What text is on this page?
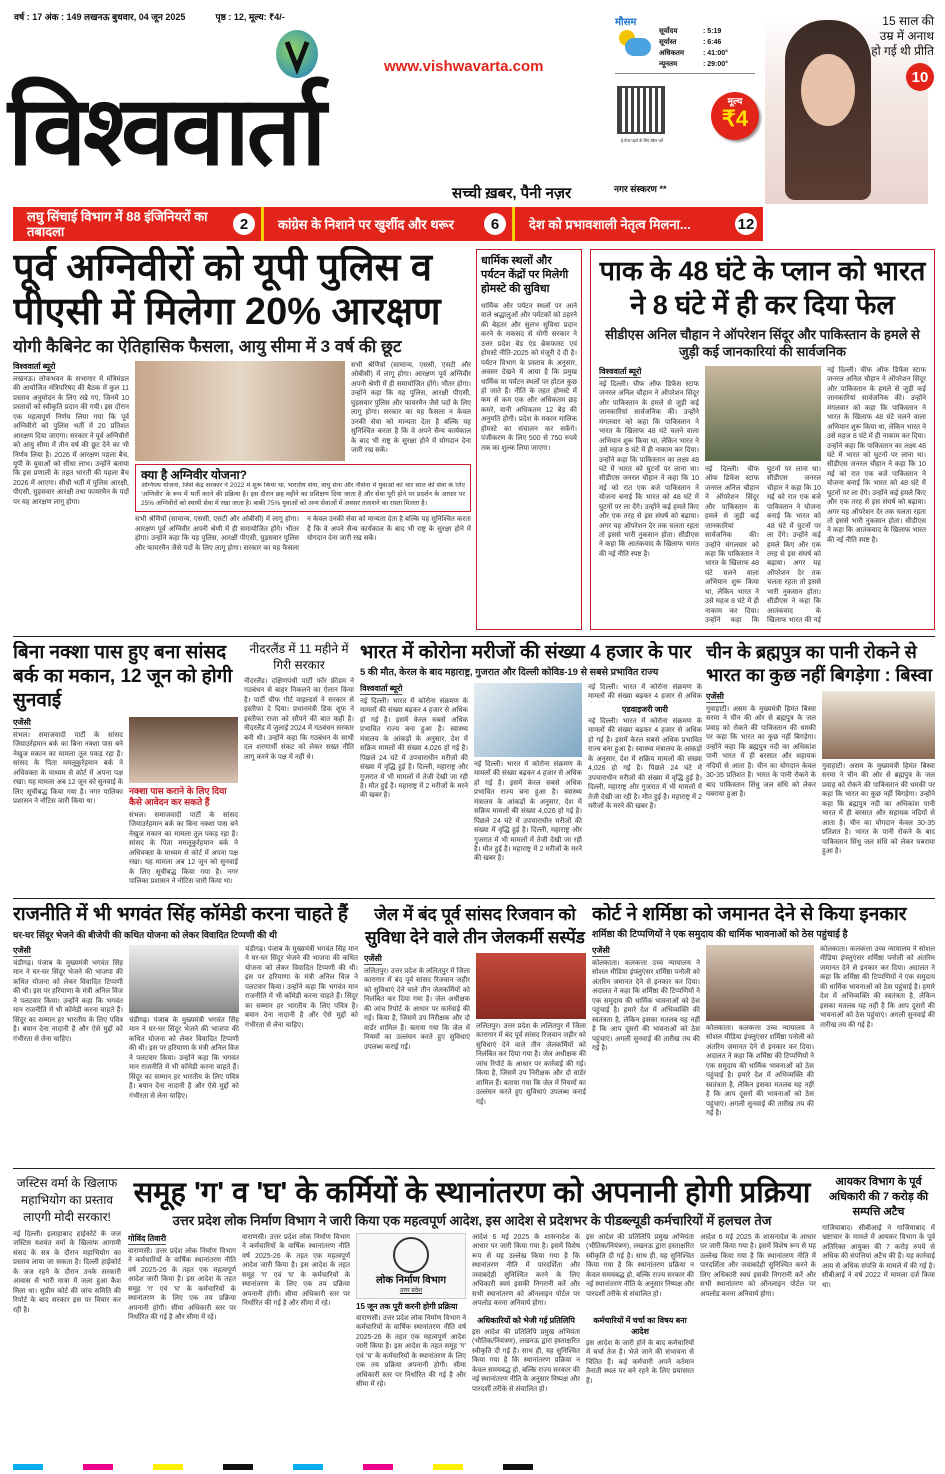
वर्ष : 17 अंक : 149 लखनऊ बुधवार, 04 जून 2025	पृष्ठ : 12, मूल्य: ₹4/-
www.vishwavarta.com
विश्ववार्ता
सच्ची ख़बर, पैनी नज़र
मौसम
सूर्योदय	: 5:19
सूर्यास्त	: 6:46
अधिकतम	: 41:00°
न्यूनतम	: 29:00°
ई-पेपर पढ़ने के लिए स्कैन करें
मूल्य
₹4
नगर संस्करण **
15 साल की उम्र में अनाथ हो गई थी प्रीति
10
लघु सिंचाई विभाग में 88 इंजिनियरों का तबादला	2	कांग्रेस के निशाने पर खुर्शीद और थरूर	6	देश को प्रभावशाली नेतृत्व मिलना...	12
पूर्व अग्निवीरों को यूपी पुलिस व पीएसी में मिलेगा 20% आरक्षण
योगी कैबिनेट का ऐतिहासिक फैसला, आयु सीमा में 3 वर्ष की छूट
विश्ववार्ता ब्यूरो
लखनऊ। लोकभवन के सभागार में मंत्रिमंडल की आयोजित मंत्रिपरिषद की बैठक में कुल 11 प्रस्ताव अनुमोदन के लिए रखे गए, जिनमें 10 प्रस्तावों को स्वीकृति प्रदान की गयी। इस दौरान एक महत्वपूर्ण निर्णय लिया गया कि पूर्व अग्निवीरों को पुलिस भर्ती में 20 प्रतिशत आरक्षण दिया जाएगा। सरकार ने पूर्व अग्निवीरों को आयु सीमा में तीन वर्ष की छूट देने का भी निर्णय लिया है। 2026 में आरक्षण पहला बैच, यूपी के युवाओं को सीधा लाभ। उन्होंने बताया कि इस प्रणाली के तहत भारती की पहला बैच 2026 में आएगा। सीधी भर्ती में पुलिस आरक्षी, पीएसी, घुड़सवार आरक्षी तथा फायरमैन के पदों पर यह आरक्षण लागू होगा।
सभी श्रेणियों (सामान्य, एससी, एसटी और ओबीसी) में लागू होगा। आरक्षण पूर्व अग्निवीर अपनी श्रेणी में ही समायोजित होंगे। भीतर होगा। उन्होंने कहा कि यह पुलिस, आरक्षी पीएसी, घुड़सवार पुलिस और फायरमैन जैसे पदों के लिए लागू होगा। सरकार का यह फैसला न केवल उनकी सेवा को मान्यता देता है बल्कि यह सुनिश्चित करता है कि वे अपने सैन्य कार्यकाल के बाद भी राष्ट्र के सुरक्षा होने में योगदान देना जारी रख सकें।
क्या है अग्निवीर योजना?
अग्निपथ योजना, जिसे केंद्र सरकार ने 2022 में शुरू किया था, भारतीय सेना, वायु सेना और नौसेना में युवाओं को चार साल की सेवा के लिए 'अग्निवीर' के रूप में भर्ती करने की प्रक्रिया है। इस दौरान छह महीने का प्रशिक्षण दिया जाता है और सेवा पूरी होने पर प्रदर्शन के आधार पर 25% अग्निवीरों को स्थायी सेवा में रखा जाता है। बाकी 75% युवाओं को अन्य सेवाओं में अवसर तलाशने का रास्ता मिलता है।
सभी श्रेणियों (सामान्य, एससी, एसटी और ओबीसी) में लागू होगा। आरक्षण पूर्व अग्निवीर अपनी श्रेणी में ही समायोजित होंगे। भीतर होगा। उन्होंने कहा कि यह पुलिस, आरक्षी पीएसी, घुड़सवार पुलिस और फायरमैन जैसे पदों के लिए लागू होगा। सरकार का यह फैसला न केवल उनकी सेवा को मान्यता देता है बल्कि यह सुनिश्चित करता है कि वे अपने सैन्य कार्यकाल के बाद भी राष्ट्र के सुरक्षा होने में योगदान देना जारी रख सकें।
धार्मिक स्थलों और पर्यटन केंद्रों पर मिलेगी होमस्टे की सुविधा
धार्मिक और पर्यटन स्थलों पर आने वाले श्रद्धालुओं और पर्यटकों को ठहरने की बेहतर और सुलभ सुविधा प्रदान करने के मकसद से योगी सरकार ने उत्तर प्रदेश बेड एंड ब्रेकफास्ट एवं होमस्टे नीति-2025 को मंजूरी दे दी है। पर्यटन विभाग के प्रस्ताव के अनुसार, अवसर देखने में आया है कि प्रमुख धार्मिक या पर्यटन स्थलों पर होटल कुछ हो जाते हैं। नीति के तहत होमस्टे में कम से कम एक और अधिकतम छह कमरे, यानी अधिकतम 12 बेड की अनुमति होगी। प्रदेश के मकान मालिक होमस्टे का संचालन कर सकेंगे। पंजीकरण के लिए 500 से 750 रुपये तक का शुल्क लिया जाएगा।
पाक के 48 घंटे के प्लान को भारत ने 8 घंटे में ही कर दिया फेल
सीडीएस अनिल चौहान ने ऑपरेशन सिंदूर और पाकिस्तान के हमले से जुड़ी कई जानकारियां की सार्वजनिक
विश्ववार्ता ब्यूरो
नई दिल्ली। चीफ ऑफ डिफेंस स्टाफ जनरल अनिल चौहान ने ऑपरेशन सिंदूर और पाकिस्तान के हमले से जुड़ी कई जानकारियां सार्वजनिक की। उन्होंने मंगलवार को कहा कि पाकिस्तान ने भारत के खिलाफ 48 घंटे चलने वाला अभियान शुरू किया था, लेकिन भारत ने उसे महज 8 घंटे में ही नाकाम कर दिया। उन्होंने कहा कि पाकिस्तान का लक्ष्य 48 घंटे में भारत को घुटनों पर लाना था। सीडीएस जनरल चौहान ने कहा कि 10 मई को रात एक बजे पाकिस्तान ने योजना बनाई कि भारत को 48 घंटे में घुटनों पर ला देंगे। उन्होंने कई हमले किए और एक तरह से इस संघर्ष को बढ़ाया। अगर यह ऑपरेशन देर तक चलता रहता तो इससे भारी नुकसान होता। सीडीएस ने कहा कि आतंकवाद के खिलाफ भारत की नई नीति स्पष्ट है।
नई दिल्ली। चीफ ऑफ डिफेंस स्टाफ जनरल अनिल चौहान ने ऑपरेशन सिंदूर और पाकिस्तान के हमले से जुड़ी कई जानकारियां सार्वजनिक की। उन्होंने मंगलवार को कहा कि पाकिस्तान ने भारत के खिलाफ 48 घंटे चलने वाला अभियान शुरू किया था, लेकिन भारत ने उसे महज 8 घंटे में ही नाकाम कर दिया। उन्होंने कहा कि घुटनों पर लाना था। सीडीएस जनरल चौहान ने कहा कि 10 मई को रात एक बजे पाकिस्तान ने योजना बनाई कि भारत को 48 घंटे में घुटनों पर ला देंगे। उन्होंने कई हमले किए और एक तरह से इस संघर्ष को बढ़ाया। अगर यह ऑपरेशन देर तक चलता रहता तो इससे भारी नुकसान होता। सीडीएस ने कहा कि आतंकवाद के खिलाफ भारत की नई
नई दिल्ली। चीफ ऑफ डिफेंस स्टाफ जनरल अनिल चौहान ने ऑपरेशन सिंदूर और पाकिस्तान के हमले से जुड़ी कई जानकारियां सार्वजनिक की। उन्होंने मंगलवार को कहा कि पाकिस्तान ने भारत के खिलाफ 48 घंटे चलने वाला अभियान शुरू किया था, लेकिन भारत ने उसे महज 8 घंटे में ही नाकाम कर दिया। उन्होंने कहा कि पाकिस्तान का लक्ष्य 48 घंटे में भारत को घुटनों पर लाना था। सीडीएस जनरल चौहान ने कहा कि 10 मई को रात एक बजे पाकिस्तान ने योजना बनाई कि भारत को 48 घंटे में घुटनों पर ला देंगे। उन्होंने कई हमले किए और एक तरह से इस संघर्ष को बढ़ाया। अगर यह ऑपरेशन देर तक चलता रहता तो इससे भारी नुकसान होता। सीडीएस ने कहा कि आतंकवाद के खिलाफ भारत की नई नीति स्पष्ट है।
बिना नक्शा पास हुए बना सांसद बर्क का मकान, 12 जून को होगी सुनवाई
एजेंसी
संभल। समाजवादी पार्टी के सांसद जियाउर्रहमान बर्क का बिना नक्शा पास बने नेखुज मकान का मामला तूल पकड़ रहा है। सांसद के पिता ममलूकुर्रहमान बर्क ने अधिवक्ता के माध्यम से कोर्ट में अपना पक्ष रखा। यह मामला अब 12 जून को सुनवाई के लिए सूचीबद्ध किया गया है। नगर पालिका प्रशासन ने नोटिस जारी किया था।
नक्शा पास कराने के लिए दिया कैसे आवेदन कर सकते हैं
संभल। समाजवादी पार्टी के सांसद जियाउर्रहमान बर्क का बिना नक्शा पास बने नेखुज मकान का मामला तूल पकड़ रहा है। सांसद के पिता ममलूकुर्रहमान बर्क ने अधिवक्ता के माध्यम से कोर्ट में अपना पक्ष रखा। यह मामला अब 12 जून को सुनवाई के लिए सूचीबद्ध किया गया है। नगर पालिका प्रशासन ने नोटिस जारी किया था।
नीदरलैंड में 11 महीने में गिरी सरकार
नीदरलैंड। दक्षिणपंथी पार्टी फॉर फ्रीडम ने गठबंधन से बाहर निकलने का ऐलान किया है। पार्टी चीफ गीर्ट वाइल्डर्स ने सरकार से इस्तीफा दे दिया। प्रधानमंत्री डिक शूफ ने इस्तीफा राजा को सौंपने की बात कही है। नीदरलैंड में जुलाई 2024 में गठबंधन सरकार बनी थी। उन्होंने कहा कि गठबंधन के साथी दल शरणार्थी संकट को लेकर सख्त नीति लागू करने के पक्ष में नहीं थे।
भारत में कोरोना मरीजों की संख्या 4 हजार के पार
5 की मौत, केरल के बाद महाराष्ट्र, गुजरात और दिल्ली कोविड-19 से सबसे प्रभावित राज्य
विश्ववार्ता ब्यूरो
नई दिल्ली। भारत में कोरोना संक्रमण के मामलों की संख्या बढ़कर 4 हजार से अधिक हो गई है। इसमें केरल सबसे अधिक प्रभावित राज्य बना हुआ है। स्वास्थ्य मंत्रालय के आंकड़ों के अनुसार, देश में सक्रिय मामलों की संख्या 4,026 हो गई है। पिछले 24 घंटे में उपचाराधीन मरीजों की संख्या में वृद्धि हुई है। दिल्ली, महाराष्ट्र और गुजरात में भी मामलों में तेजी देखी जा रही है। मौत हुई है। महाराष्ट्र में 2 मरीजों के मरने की खबर है।
नई दिल्ली। भारत में कोरोना संक्रमण के मामलों की संख्या बढ़कर 4 हजार से अधिक हो गई है। इसमें केरल सबसे अधिक प्रभावित राज्य बना हुआ है। स्वास्थ्य मंत्रालय के आंकड़ों के अनुसार, देश में सक्रिय मामलों की संख्या 4,026 हो गई है। पिछले 24 घंटे में उपचाराधीन मरीजों की संख्या में वृद्धि हुई है। दिल्ली, महाराष्ट्र और गुजरात में भी मामलों में तेजी देखी जा रही है। मौत हुई है। महाराष्ट्र में 2 मरीजों के मरने की खबर है।
नई दिल्ली। भारत में कोरोना संक्रमण के मामलों की संख्या बढ़कर 4 हजार से अधिक
एडवाइजरी जारी
नई दिल्ली। भारत में कोरोना संक्रमण के मामलों की संख्या बढ़कर 4 हजार से अधिक हो गई है। इसमें केरल सबसे अधिक प्रभावित राज्य बना हुआ है। स्वास्थ्य मंत्रालय के आंकड़ों के अनुसार, देश में सक्रिय मामलों की संख्या 4,026 हो गई है। पिछले 24 घंटे में उपचाराधीन मरीजों की संख्या में वृद्धि हुई है। दिल्ली, महाराष्ट्र और गुजरात में भी मामलों में तेजी देखी जा रही है। मौत हुई है। महाराष्ट्र में 2 मरीजों के मरने की खबर है।
चीन के ब्रह्मपुत्र का पानी रोकने से भारत का कुछ नहीं बिगड़ेगा : बिस्वा
एजेंसी
गुवाहाटी। असम के मुख्यमंत्री हिमंत बिस्वा सरमा ने चीन की ओर से ब्रह्मपुत्र के जल प्रवाह को रोकने की पाकिस्तान की धमकी पर कहा कि भारत का कुछ नहीं बिगड़ेगा। उन्होंने कहा कि ब्रह्मपुत्र नदी का अधिकांश पानी भारत में ही बरसात और सहायक नदियों से आता है। चीन का योगदान केवल 30-35 प्रतिशत है। भारत के पानी रोकने के बाद पाकिस्तान सिंधु जल संधि को लेकर घबराया हुआ है।
गुवाहाटी। असम के मुख्यमंत्री हिमंत बिस्वा सरमा ने चीन की ओर से ब्रह्मपुत्र के जल प्रवाह को रोकने की पाकिस्तान की धमकी पर कहा कि भारत का कुछ नहीं बिगड़ेगा। उन्होंने कहा कि ब्रह्मपुत्र नदी का अधिकांश पानी भारत में ही बरसात और सहायक नदियों से आता है। चीन का योगदान केवल 30-35 प्रतिशत है। भारत के पानी रोकने के बाद पाकिस्तान सिंधु जल संधि को लेकर घबराया हुआ है।
राजनीति में भी भगवंत सिंह कॉमेडी करना चाहते हैं
घर-घर सिंदूर भेजने की बीजेपी की कथित योजना को लेकर विवादित टिप्पणी की थी
एजेंसी
चंडीगढ़। पंजाब के मुख्यमंत्री भगवंत सिंह मान ने घर-घर सिंदूर भेजने की भाजपा की कथित योजना को लेकर विवादित टिप्पणी की थी। इस पर हरियाणा के मंत्री अनिल विज ने पलटवार किया। उन्होंने कहा कि भगवंत मान राजनीति में भी कॉमेडी करना चाहते हैं। सिंदूर का सम्मान हर भारतीय के लिए पवित्र है। बयान देना नादानी है और ऐसे मुद्दों को गंभीरता से लेना चाहिए।
चंडीगढ़। पंजाब के मुख्यमंत्री भगवंत सिंह मान ने घर-घर सिंदूर भेजने की भाजपा की कथित योजना को लेकर विवादित टिप्पणी की थी। इस पर हरियाणा के मंत्री अनिल विज ने पलटवार किया। उन्होंने कहा कि भगवंत मान राजनीति में भी कॉमेडी करना चाहते हैं। सिंदूर का सम्मान हर भारतीय के लिए पवित्र है। बयान देना नादानी है और ऐसे मुद्दों को गंभीरता से लेना चाहिए।
चंडीगढ़। पंजाब के मुख्यमंत्री भगवंत सिंह मान ने घर-घर सिंदूर भेजने की भाजपा की कथित योजना को लेकर विवादित टिप्पणी की थी। इस पर हरियाणा के मंत्री अनिल विज ने पलटवार किया। उन्होंने कहा कि भगवंत मान राजनीति में भी कॉमेडी करना चाहते हैं। सिंदूर का सम्मान हर भारतीय के लिए पवित्र है। बयान देना नादानी है और ऐसे मुद्दों को गंभीरता से लेना चाहिए।
जेल में बंद पूर्व सांसद रिजवान को सुविधा देने वाले तीन जेलकर्मी सस्पेंड
एजेंसी
ललितपुर। उत्तर प्रदेश के ललितपुर में जिला कारागार में बंद पूर्व सांसद रिजवान जहीर को सुविधाएं देने वाले तीन जेलकर्मियों को निलंबित कर दिया गया है। जेल अधीक्षक की जांच रिपोर्ट के आधार पर कार्रवाई की गई। किया है, जिसमें उप निरीक्षक और दो वार्डर शामिल हैं। बताया गया कि जेल में नियमों का उल्लंघन करते हुए सुविधाएं उपलब्ध कराई गईं।
ललितपुर। उत्तर प्रदेश के ललितपुर में जिला कारागार में बंद पूर्व सांसद रिजवान जहीर को सुविधाएं देने वाले तीन जेलकर्मियों को निलंबित कर दिया गया है। जेल अधीक्षक की जांच रिपोर्ट के आधार पर कार्रवाई की गई। किया है, जिसमें उप निरीक्षक और दो वार्डर शामिल हैं। बताया गया कि जेल में नियमों का उल्लंघन करते हुए सुविधाएं उपलब्ध कराई गईं।
कोर्ट ने शर्मिष्ठा को जमानत देने से किया इनकार
शर्मिष्ठा की टिप्पणियों ने एक समुदाय की धार्मिक भावनाओं को ठेस पहुंचाई है
एजेंसी
कोलकाता। कलकत्ता उच्च न्यायालय ने सोशल मीडिया इंफ्लुएंसर शर्मिष्ठा पनोली को अंतरिम जमानत देने से इनकार कर दिया। अदालत ने कहा कि शर्मिष्ठा की टिप्पणियों ने एक समुदाय की धार्मिक भावनाओं को ठेस पहुंचाई है। हमारे देश में अभिव्यक्ति की स्वतंत्रता है, लेकिन इसका मतलब यह नहीं है कि आप दूसरों की भावनाओं को ठेस पहुंचाएं। अगली सुनवाई की तारीख तय की गई है।
कोलकाता। कलकत्ता उच्च न्यायालय ने सोशल मीडिया इंफ्लुएंसर शर्मिष्ठा पनोली को अंतरिम जमानत देने से इनकार कर दिया। अदालत ने कहा कि शर्मिष्ठा की टिप्पणियों ने एक समुदाय की धार्मिक भावनाओं को ठेस पहुंचाई है। हमारे देश में अभिव्यक्ति की स्वतंत्रता है, लेकिन इसका मतलब यह नहीं है कि आप दूसरों की भावनाओं को ठेस पहुंचाएं। अगली सुनवाई की तारीख तय की गई है।
कोलकाता। कलकत्ता उच्च न्यायालय ने सोशल मीडिया इंफ्लुएंसर शर्मिष्ठा पनोली को अंतरिम जमानत देने से इनकार कर दिया। अदालत ने कहा कि शर्मिष्ठा की टिप्पणियों ने एक समुदाय की धार्मिक भावनाओं को ठेस पहुंचाई है। हमारे देश में अभिव्यक्ति की स्वतंत्रता है, लेकिन इसका मतलब यह नहीं है कि आप दूसरों की भावनाओं को ठेस पहुंचाएं। अगली सुनवाई की तारीख तय की गई है।
जस्टिस वर्मा के खिलाफ महाभियोग का प्रस्ताव लाएगी मोदी सरकार!
नई दिल्ली। इलाहाबाद हाईकोर्ट के जज जस्टिस यशवंत वर्मा के खिलाफ आगामी संसद के सत्र के दौरान महाभियोग का प्रस्ताव लाया जा सकता है। दिल्ली हाईकोर्ट के जज रहने के दौरान उनके सरकारी आवास से भारी मात्रा में जला हुआ कैश मिला था। सुप्रीम कोर्ट की जांच समिति की रिपोर्ट के बाद सरकार इस पर विचार कर रही है।
समूह 'ग' व 'घ' के कर्मियों के स्थानांतरण को अपनानी होगी प्रक्रिया
उत्तर प्रदेश लोक निर्माण विभाग ने जारी किया एक महत्वपूर्ण आदेश, इस आदेश से प्रदेशभर के पीडब्ल्यूडी कर्मचारियों में हलचल तेज
गोविंद तिवारी
वाराणसी। उत्तर प्रदेश लोक निर्माण विभाग ने कर्मचारियों के वार्षिक स्थानांतरण नीति वर्ष 2025-26 के तहत एक महत्वपूर्ण आदेश जारी किया है। इस आदेश के तहत समूह 'ग' एवं 'घ' के कर्मचारियों के स्थानांतरण के लिए एक तय प्रक्रिया अपनानी होगी। सीमा अधिकारी स्तर पर निर्धारित की गई है और सीमा में रहे।
वाराणसी। उत्तर प्रदेश लोक निर्माण विभाग ने कर्मचारियों के वार्षिक स्थानांतरण नीति वर्ष 2025-26 के तहत एक महत्वपूर्ण आदेश जारी किया है। इस आदेश के तहत समूह 'ग' एवं 'घ' के कर्मचारियों के स्थानांतरण के लिए एक तय प्रक्रिया अपनानी होगी। सीमा अधिकारी स्तर पर निर्धारित की गई है और सीमा में रहे।
लोक निर्माण विभाग
उत्तर प्रदेश
15 जून तक पूरी करनी होगी प्रक्रिया
वाराणसी। उत्तर प्रदेश लोक निर्माण विभाग ने कर्मचारियों के वार्षिक स्थानांतरण नीति वर्ष 2025-26 के तहत एक महत्वपूर्ण आदेश जारी किया है। इस आदेश के तहत समूह 'ग' एवं 'घ' के कर्मचारियों के स्थानांतरण के लिए एक तय प्रक्रिया अपनानी होगी। सीमा अधिकारी स्तर पर निर्धारित की गई है और सीमा में रहे।
आदेश 6 मई 2025 के शासनादेश के आधार पर जारी किया गया है। इसमें विशेष रूप से यह उल्लेख किया गया है कि स्थानांतरण नीति में पारदर्शिता और जवाबदेही सुनिश्चित करने के लिए अधिकारी स्वयं इसकी निगरानी करें और सभी स्थानांतरण को ऑनलाइन पोर्टल पर अपलोड करना अनिवार्य होगा।
अधिकारियों को भेजी गई प्रतिलिपि
इस आदेश की प्रतिलिपि प्रमुख अभियंता (भौतिक/नियंत्रण), लखनऊ द्वारा हस्ताक्षरित स्वीकृति दी गई है। साथ ही, यह सुनिश्चित किया गया है कि स्थानांतरण प्रक्रिया न केवल समयबद्ध हो, बल्कि राज्य सरकार की नई स्थानांतरण नीति के अनुसार निष्पक्ष और पारदर्शी तरीके से संचालित हो।
इस आदेश की प्रतिलिपि प्रमुख अभियंता (भौतिक/नियंत्रण), लखनऊ द्वारा हस्ताक्षरित स्वीकृति दी गई है। साथ ही, यह सुनिश्चित किया गया है कि स्थानांतरण प्रक्रिया न केवल समयबद्ध हो, बल्कि राज्य सरकार की नई स्थानांतरण नीति के अनुसार निष्पक्ष और पारदर्शी तरीके से संचालित हो।
कर्मचारियों में चर्चा का विषय बना आदेश
इस आदेश के जारी होने के बाद कर्मचारियों में चर्चा तेज है। भेजे जाने की संभावना से चिंतित हैं। कई कर्मचारी अपने वर्तमान तैनाती स्थल पर बने रहने के लिए प्रयासरत हैं।
आदेश 6 मई 2025 के शासनादेश के आधार पर जारी किया गया है। इसमें विशेष रूप से यह उल्लेख किया गया है कि स्थानांतरण नीति में पारदर्शिता और जवाबदेही सुनिश्चित करने के लिए अधिकारी स्वयं इसकी निगरानी करें और सभी स्थानांतरण को ऑनलाइन पोर्टल पर अपलोड करना अनिवार्य होगा।
आयकर विभाग के पूर्व अधिकारी की 7 करोड़ की सम्पत्ति अटैच
गाजियाबाद। सीबीआई ने गाजियाबाद में भ्रष्टाचार के मामले में आयकर विभाग के पूर्व अतिरिक्त आयुक्त की 7 करोड़ रुपये से अधिक की संपत्तियां अटैच की हैं। यह कार्रवाई आय से अधिक संपत्ति के मामले में की गई है। सीबीआई ने वर्ष 2022 में मामला दर्ज किया था।
